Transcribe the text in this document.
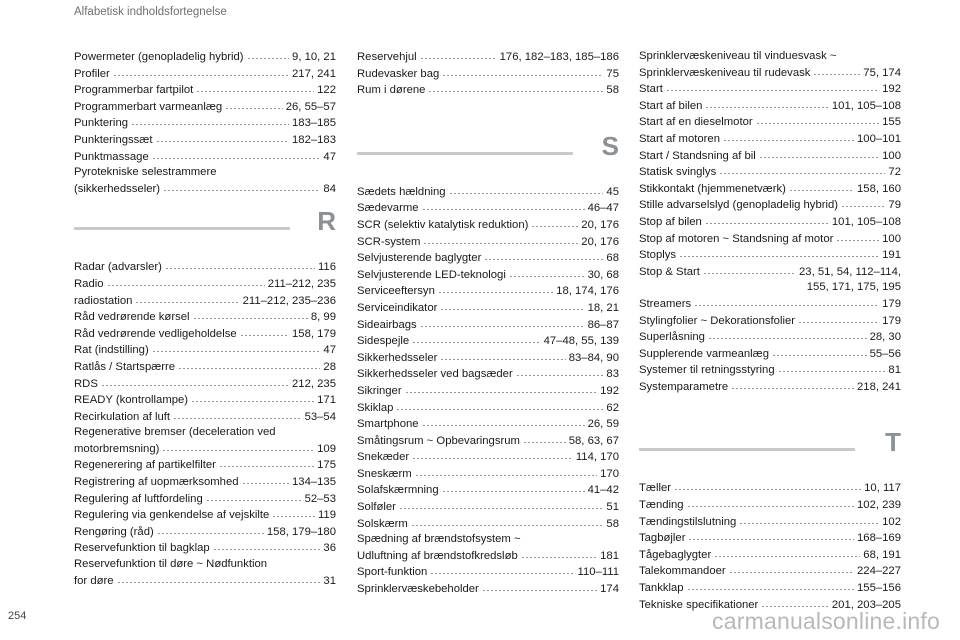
Alfabetisk indholdsfortegnelse
Powermeter (genopladelig hybrid)	9, 10, 21
Profiler	217, 241
Programmerbar fartpilot	122
Programmerbart varmeanlæg	26, 55–57
Punktering	183–185
Punkteringssæt	182–183
Punktmassage	47
Pyrotekniske selestrammere
(sikkerhedsseler)	84
R
Radar (advarsler)	116
Radio	211–212, 235
radiostation	211–212, 235–236
Råd vedrørende kørsel	8, 99
Råd vedrørende vedligeholdelse	158, 179
Rat (indstilling)	47
Ratlås / Startspærre	28
RDS	212, 235
READY (kontrollampe)	171
Recirkulation af luft	53–54
Regenerative bremser (deceleration ved
motorbremsning)	109
Regenerering af partikelfilter	175
Registrering af uopmærksomhed	134–135
Regulering af luftfordeling	52–53
Regulering via genkendelse af vejskilte	119
Rengøring (råd)	158, 179–180
Reservefunktion til bagklap	36
Reservefunktion til døre ~ Nødfunktion
for døre	31
Reservehjul	176, 182–183, 185–186
Rudevasker bag	75
Rum i dørene	58
S
Sædets hældning	45
Sædevarme	46–47
SCR (selektiv katalytisk reduktion)	20, 176
SCR-system	20, 176
Selvjusterende baglygter	68
Selvjusterende LED-teknologi	30, 68
Serviceeftersyn	18, 174, 176
Serviceindikator	18, 21
Sideairbags	86–87
Sidespejle	47–48, 55, 139
Sikkerhedsseler	83–84, 90
Sikkerhedsseler ved bagsæder	83
Sikringer	192
Skiklap	62
Smartphone	26, 59
Småtingsrum ~ Opbevaringsrum	58, 63, 67
Snekæder	114, 170
Sneskærm	170
Solafskærmning	41–42
Solføler	51
Solskærm	58
Spædning af brændstofsystem ~
Udluftning af brændstofkredsløb	181
Sport-funktion	110–111
Sprinklervæskebeholder	174
Sprinklervæskeniveau til vinduesvask ~
Sprinklervæskeniveau til rudevask	75, 174
Start	192
Start af bilen	101, 105–108
Start af en dieselmotor	155
Start af motoren	100–101
Start / Standsning af bil	100
Statisk svinglys	72
Stikkontakt (hjemmenetværk)	158, 160
Stille advarselslyd (genopladelig hybrid)	79
Stop af bilen	101, 105–108
Stop af motoren ~ Standsning af motor	100
Stoplys	191
Stop & Start	23, 51, 54, 112–114,
155, 171, 175, 195
Streamers	179
Stylingfolier ~ Dekorationsfolier	179
Superlåsning	28, 30
Supplerende varmeanlæg	55–56
Systemer til retningsstyring	81
Systemparametre	218, 241
T
Tæller	10, 117
Tænding	102, 239
Tændingstilslutning	102
Tagbøjler	168–169
Tågebaglygter	68, 191
Talekommandoer	224–227
Tankklap	155–156
Tekniske specifikationer	201, 203–205
254	carmanualsonline.info
